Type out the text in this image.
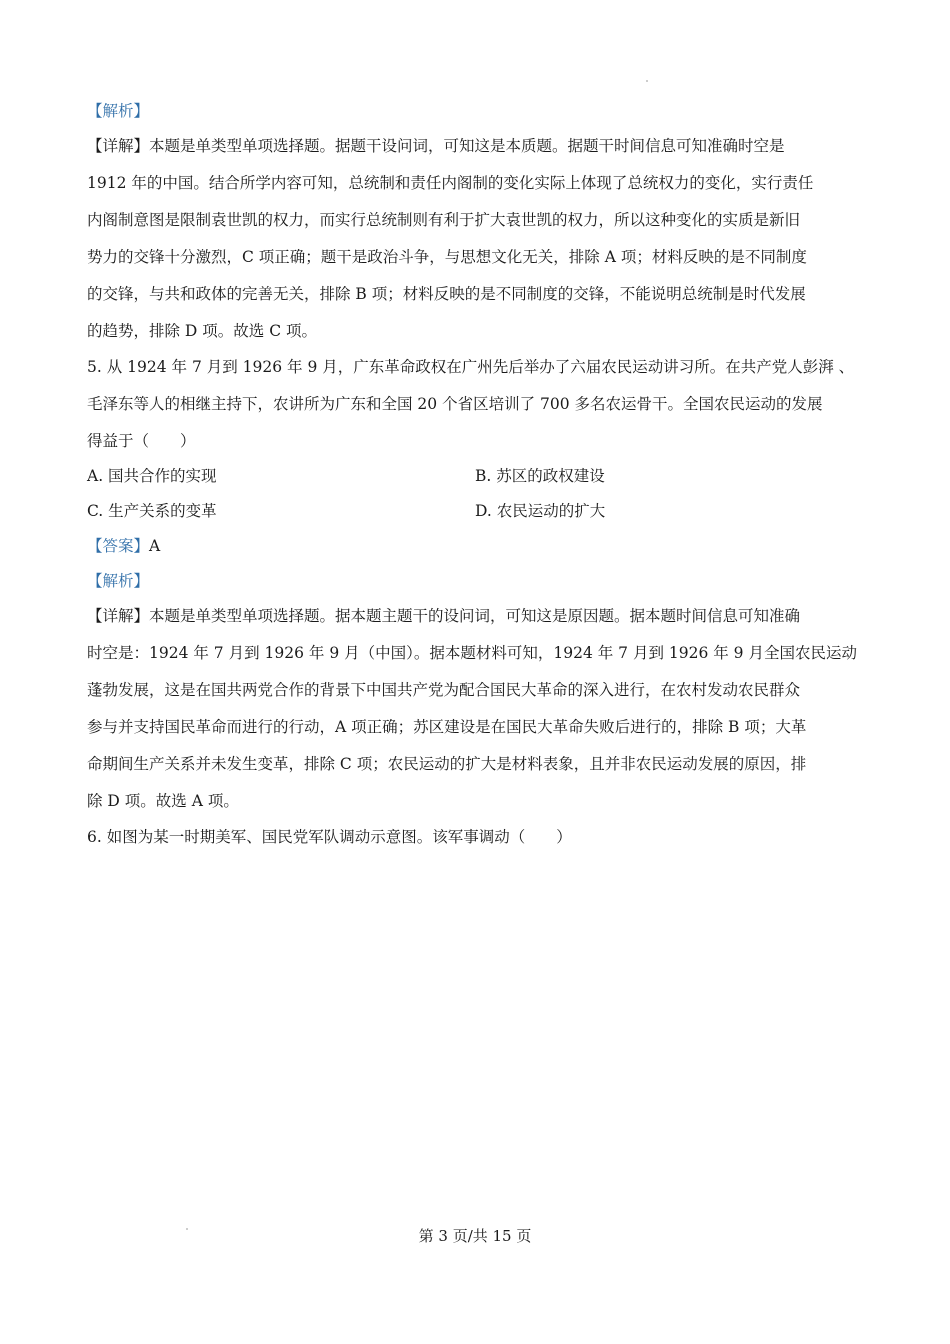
【解析】
【详解】本题是单类型单项选择题。据题干设问词，可知这是本质题。据题干时间信息可知准确时空是
1912 年的中国。结合所学内容可知，总统制和责任内阁制的变化实际上体现了总统权力的变化，实行责任
内阁制意图是限制袁世凯的权力，而实行总统制则有利于扩大袁世凯的权力，所以这种变化的实质是新旧
势力的交锋十分激烈，C 项正确；题干是政治斗争，与思想文化无关，排除 A 项；材料反映的是不同制度
的交锋，与共和政体的完善无关，排除 B 项；材料反映的是不同制度的交锋，不能说明总统制是时代发展
的趋势，排除 D 项。故选 C 项。
5. 从 1924 年 7 月到 1926 年 9 月，广东革命政权在广州先后举办了六届农民运动讲习所。在共产党人彭湃 、
毛泽东等人的相继主持下，农讲所为广东和全国 20 个省区培训了 700 多名农运骨干。全国农民运动的发展
得益于（　　）
A. 国共合作的实现	B. 苏区的政权建设
C. 生产关系的变革	D. 农民运动的扩大
【答案】A
【解析】
【详解】本题是单类型单项选择题。据本题主题干的设问词，可知这是原因题。据本题时间信息可知准确
时空是：1924 年 7 月到 1926 年 9 月（中国）。据本题材料可知，1924 年 7 月到 1926 年 9 月全国农民运动
蓬勃发展，这是在国共两党合作的背景下中国共产党为配合国民大革命的深入进行，在农村发动农民群众
参与并支持国民革命而进行的行动，A 项正确；苏区建设是在国民大革命失败后进行的，排除 B 项；大革
命期间生产关系并未发生变革，排除 C 项；农民运动的扩大是材料表象，且并非农民运动发展的原因，排
除 D 项。故选 A 项。
6. 如图为某一时期美军、国民党军队调动示意图。该军事调动（　　）
第 3 页/共 15 页
